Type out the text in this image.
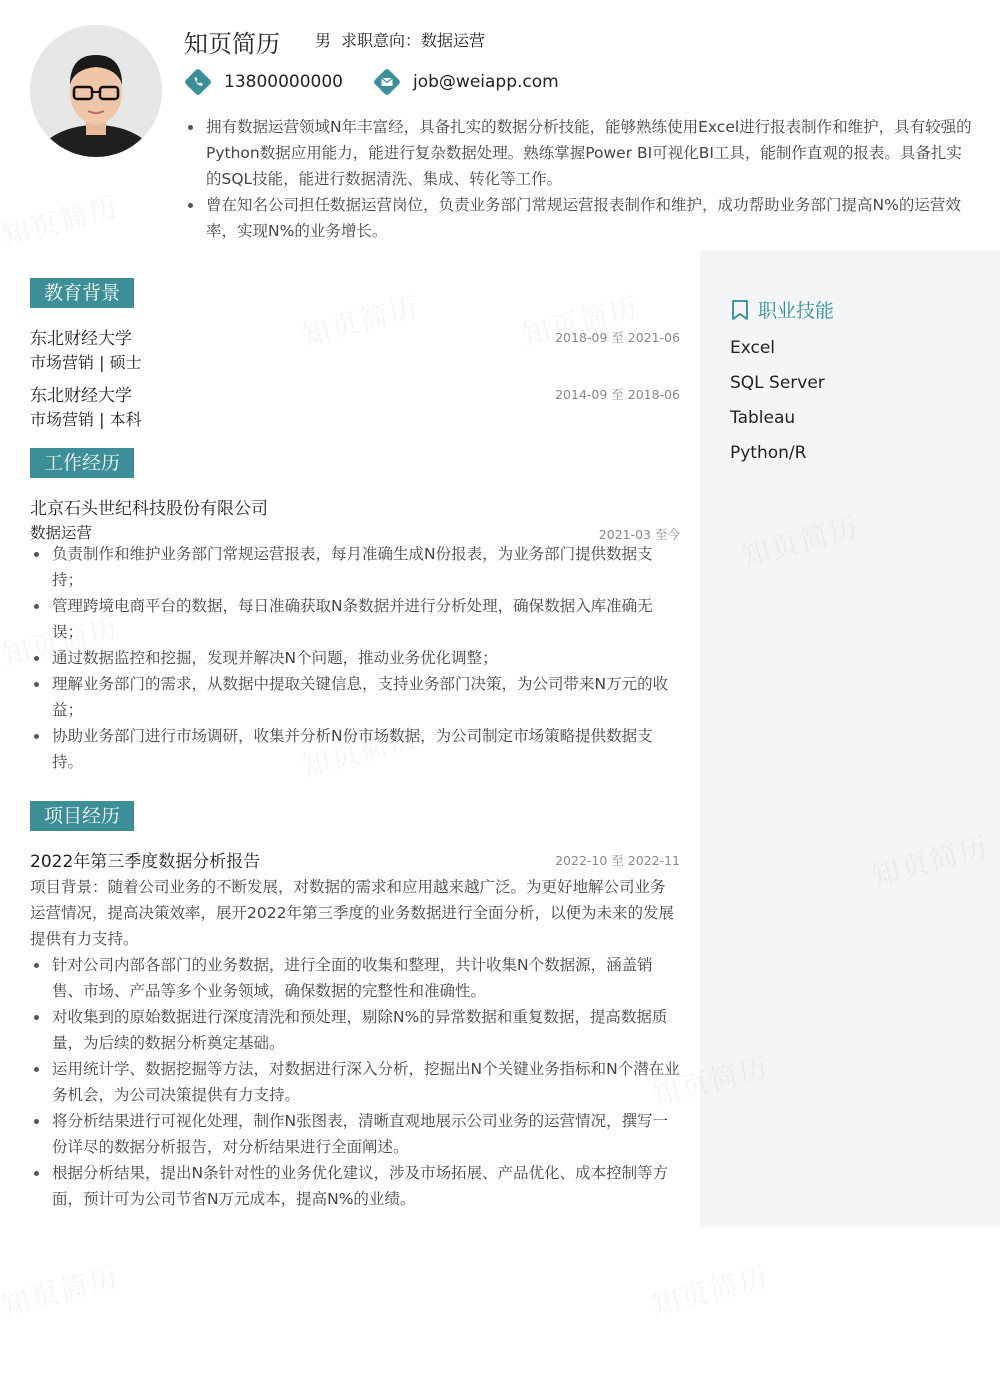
知页简历 男 求职意向：数据运营
13800000000	job@weiapp.com
拥有数据运营领域N年丰富经，具备扎实的数据分析技能，能够熟练使用Excel进行报表制作和维护，具有较强的Python数据应用能力，能进行复杂数据处理。熟练掌握Power BI可视化BI工具，能制作直观的报表。具备扎实的SQL技能，能进行数据清洗、集成、转化等工作。
曾在知名公司担任数据运营岗位，负责业务部门常规运营报表制作和维护，成功帮助业务部门提高N%的运营效率，实现N%的业务增长。
职业技能
Excel
SQL Server
Tableau
Python/R
教育背景
东北财经大学	2018-09 至 2021-06
市场营销 | 硕士
东北财经大学	2014-09 至 2018-06
市场营销 | 本科
工作经历
北京石头世纪科技股份有限公司
数据运营	2021-03 至今
负责制作和维护业务部门常规运营报表，每月准确生成N份报表，为业务部门提供数据支持；
管理跨境电商平台的数据，每日准确获取N条数据并进行分析处理，确保数据入库准确无误；
通过数据监控和挖掘，发现并解决N个问题，推动业务优化调整；
理解业务部门的需求，从数据中提取关键信息，支持业务部门决策，为公司带来N万元的收益；
协助业务部门进行市场调研，收集并分析N份市场数据，为公司制定市场策略提供数据支持。
项目经历
2022年第三季度数据分析报告	2022-10 至 2022-11
项目背景：随着公司业务的不断发展，对数据的需求和应用越来越广泛。为更好地解公司业务运营情况，提高决策效率，展开2022年第三季度的业务数据进行全面分析，以便为未来的发展提供有力支持。
针对公司内部各部门的业务数据，进行全面的收集和整理，共计收集N个数据源，涵盖销售、市场、产品等多个业务领域，确保数据的完整性和准确性。
对收集到的原始数据进行深度清洗和预处理，剔除N%的异常数据和重复数据，提高数据质量，为后续的数据分析奠定基础。
运用统计学、数据挖掘等方法，对数据进行深入分析，挖掘出N个关键业务指标和N个潜在业务机会，为公司决策提供有力支持。
将分析结果进行可视化处理，制作N张图表，清晰直观地展示公司业务的运营情况，撰写一份详尽的数据分析报告，对分析结果进行全面阐述。
根据分析结果，提出N条针对性的业务优化建议，涉及市场拓展、产品优化、成本控制等方面，预计可为公司节省N万元成本，提高N%的业绩。
